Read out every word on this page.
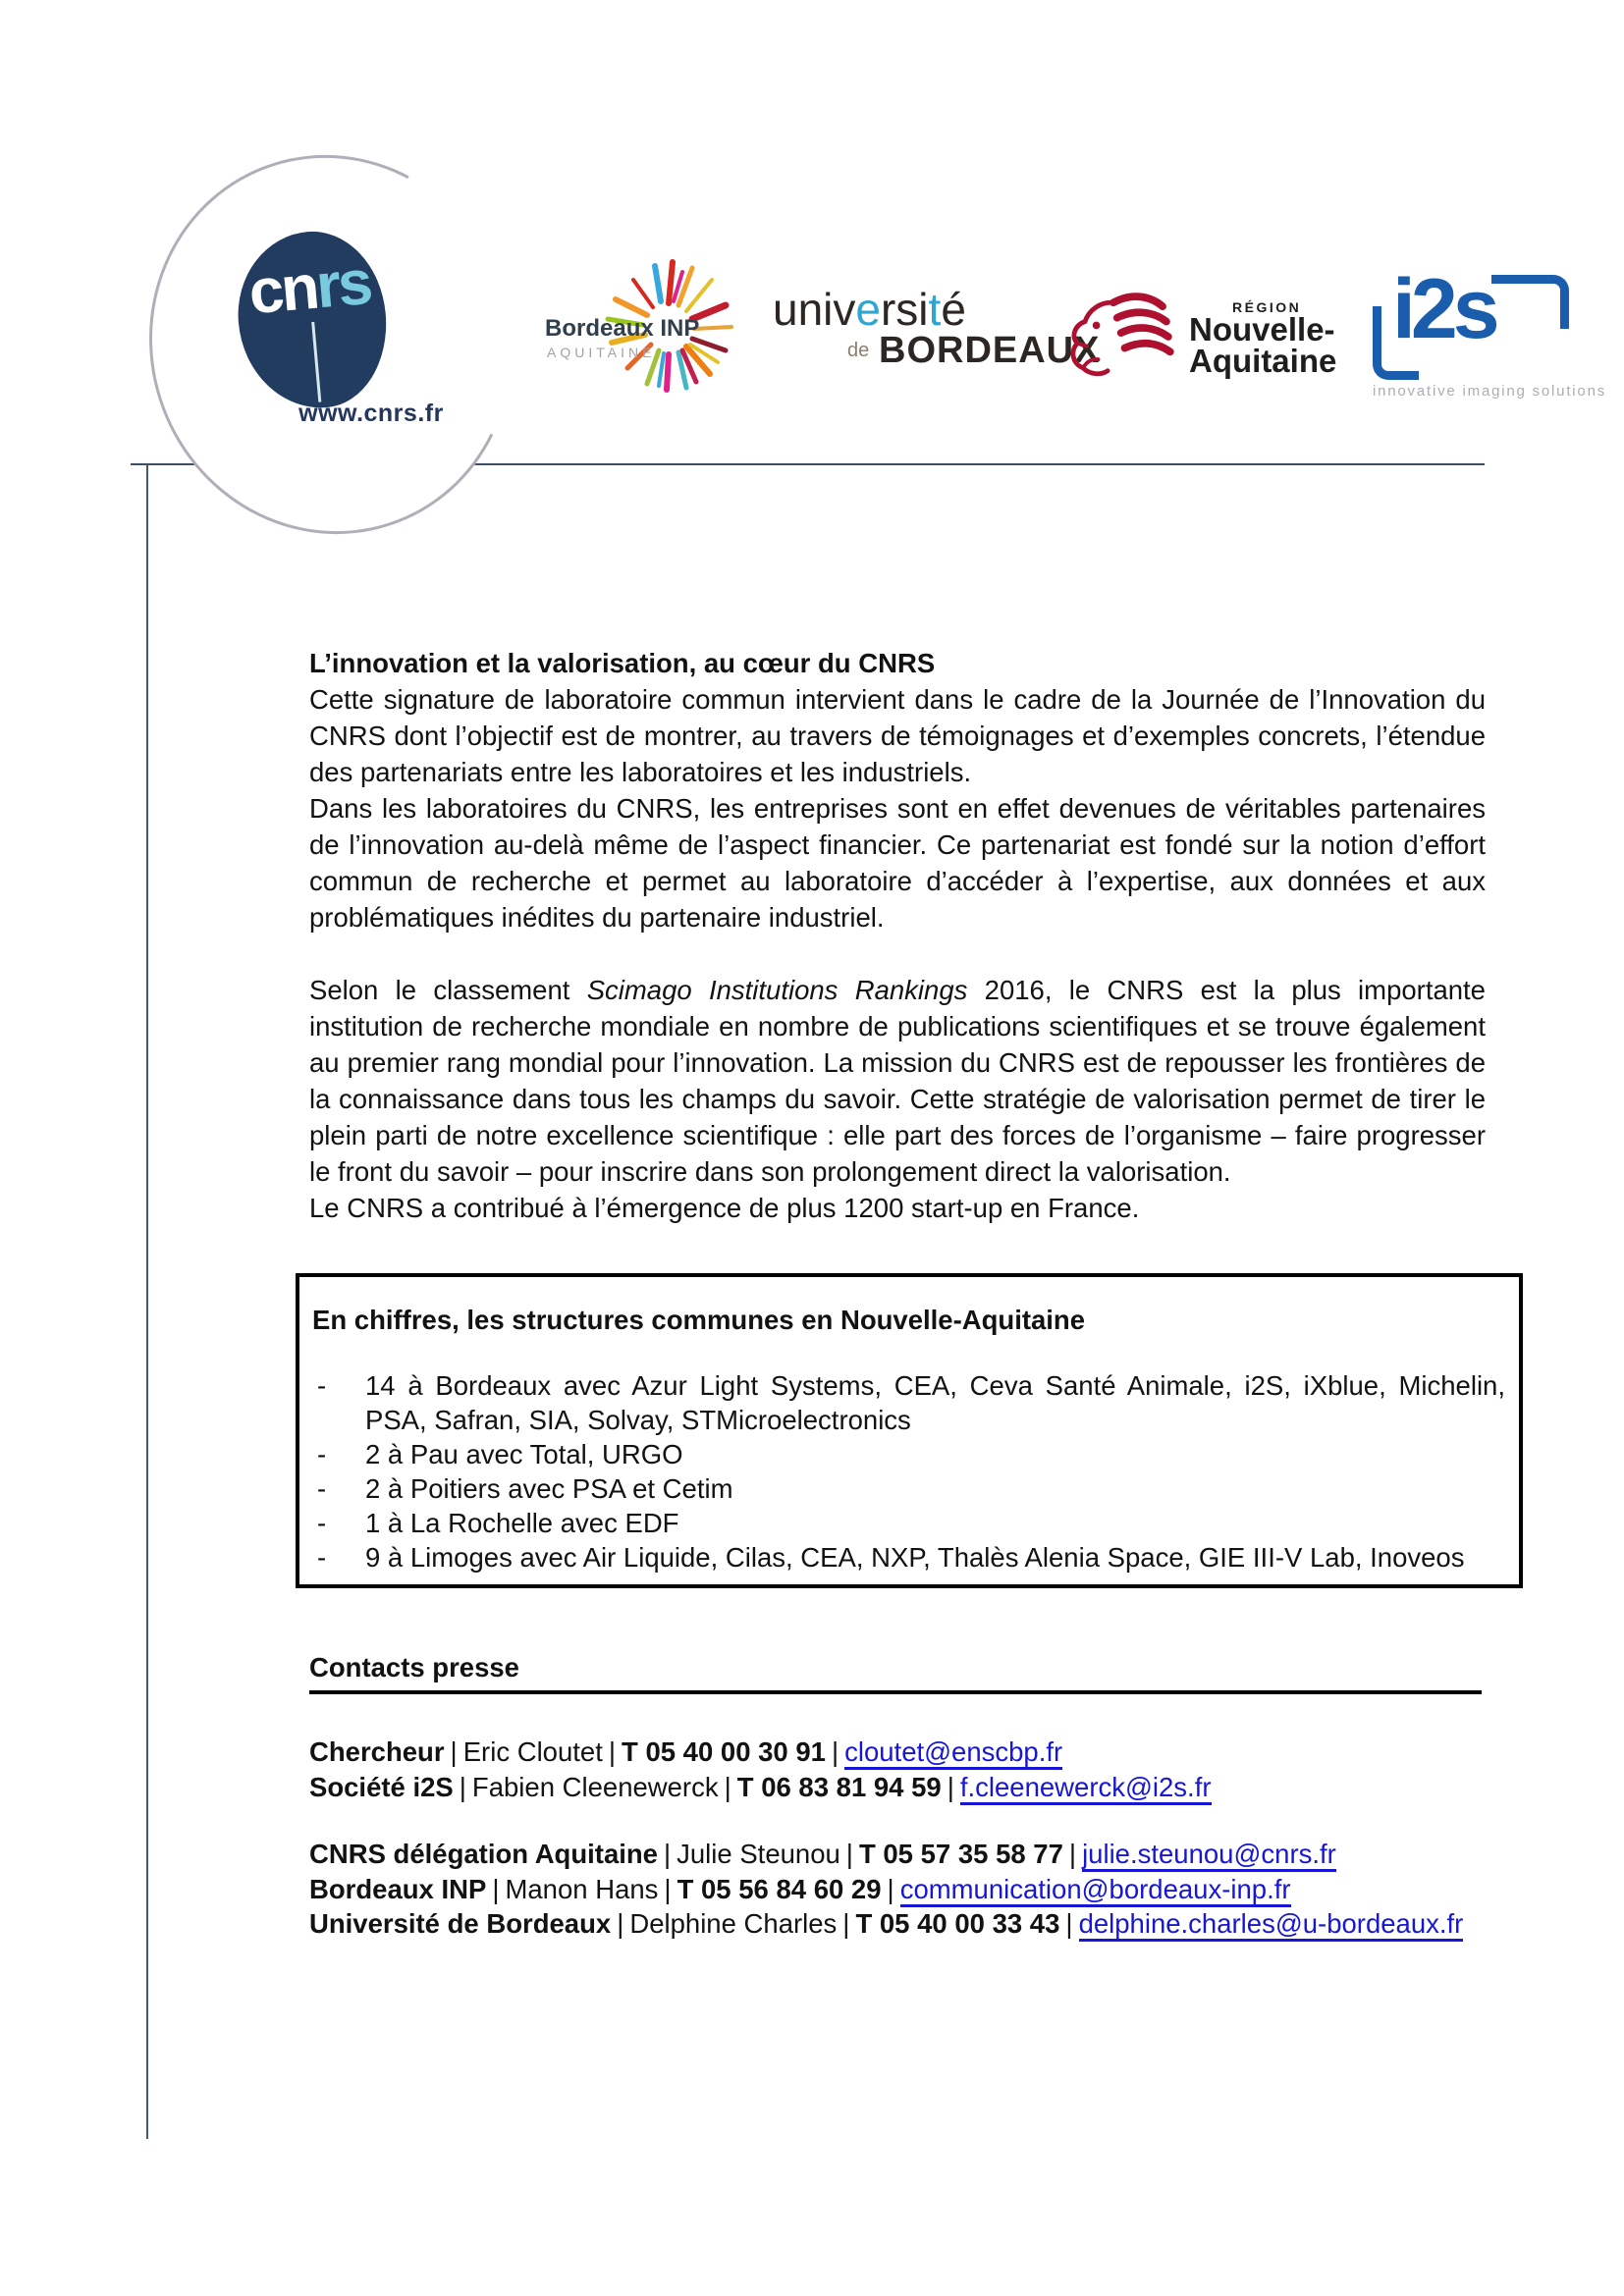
cnrs
www.cnrs.fr
Bordeaux INP
AQUITAINE
université
de BORDEAUX
RÉGION
Nouvelle-
Aquitaine
i2s
innovative imaging solutions

L’innovation et la valorisation, au cœur du CNRS

Cette signature de laboratoire commun intervient dans le cadre de la Journée de l’Innovation du CNRS dont l’objectif est de montrer, au travers de témoignages et d’exemples concrets, l’étendue des partenariats entre les laboratoires et les industriels.

Dans les laboratoires du CNRS, les entreprises sont en effet devenues de véritables partenaires de l’innovation au-delà même de l’aspect financier. Ce partenariat est fondé sur la notion d’effort commun de recherche et permet au laboratoire d’accéder à l’expertise, aux données et aux problématiques inédites du partenaire industriel.

Selon le classement Scimago Institutions Rankings 2016, le CNRS est la plus importante institution de recherche mondiale en nombre de publications scientifiques et se trouve également au premier rang mondial pour l’innovation. La mission du CNRS est de repousser les frontières de la connaissance dans tous les champs du savoir. Cette stratégie de valorisation permet de tirer le plein parti de notre excellence scientifique : elle part des forces de l’organisme – faire progresser le front du savoir – pour inscrire dans son prolongement direct la valorisation.

Le CNRS a contribué à l’émergence de plus 1200 start-up en France.

En chiffres, les structures communes en Nouvelle-Aquitaine
-	14 à Bordeaux avec Azur Light Systems, CEA, Ceva Santé Animale, i2S, iXblue, Michelin, PSA, Safran, SIA, Solvay, STMicroelectronics
-	2 à Pau avec Total, URGO
-	2 à Poitiers avec PSA et Cetim
-	1 à La Rochelle avec EDF
-	9 à Limoges avec Air Liquide, Cilas, CEA, NXP, Thalès Alenia Space, GIE III-V Lab, Inoveos
Contacts presse
Chercheur | Eric Cloutet | T 05 40 00 30 91 | cloutet@enscbp.fr
Société i2S | Fabien Cleenewerck | T 06 83 81 94 59 | f.cleenewerck@i2s.fr
CNRS délégation Aquitaine | Julie Steunou | T 05 57 35 58 77 | julie.steunou@cnrs.fr
Bordeaux INP | Manon Hans | T 05 56 84 60 29 | communication@bordeaux-inp.fr
Université de Bordeaux | Delphine Charles | T 05 40 00 33 43 | delphine.charles@u-bordeaux.fr
